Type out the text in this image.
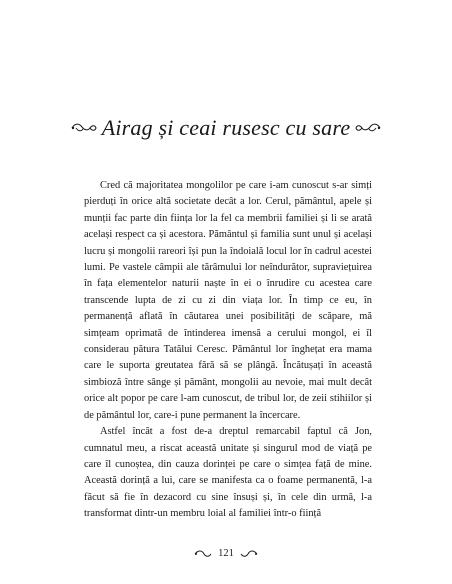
Airag și ceai rusesc cu sare

Cred că majoritatea mongolilor pe care i-am cunoscut s-ar simți pierduți în orice altă societate decât a lor. Cerul, pământul, apele și munții fac parte din ființa lor la fel ca membrii familiei și li se arată același respect ca și acestora. Pământul și familia sunt unul și același lucru și mongolii rareori își pun la îndoială locul lor în cadrul acestei lumi. Pe vastele câmpii ale tărâmului lor neîndurător, supraviețuirea în fața elementelor naturii naște în ei o înrudire cu acestea care transcende lupta de zi cu zi din viața lor. În timp ce eu, în permanență aflată în căutarea unei posibilități de scăpare, mă simțeam oprimată de întinderea imensă a cerului mongol, ei îl considerau pătura Tatălui Ceresc. Pământul lor înghețat era mama care le suporta greutatea fără să se plângă. Încătușați în această simbioză între sânge și pământ, mongolii au nevoie, mai mult decât orice alt popor pe care l-am cunoscut, de tribul lor, de zeii stihiilor și de pământul lor, care-i pune permanent la încercare.

Astfel încât a fost de-a dreptul remarcabil faptul că Jon, cumnatul meu, a riscat această unitate și singurul mod de viață pe care îl cunoștea, din cauza dorinței pe care o simțea față de mine. Această dorință a lui, care se manifesta ca o foame permanentă, l-a făcut să fie în dezacord cu sine însuși și, în cele din urmă, l-a transformat dintr-un membru loial al familiei într-o ființă

121
